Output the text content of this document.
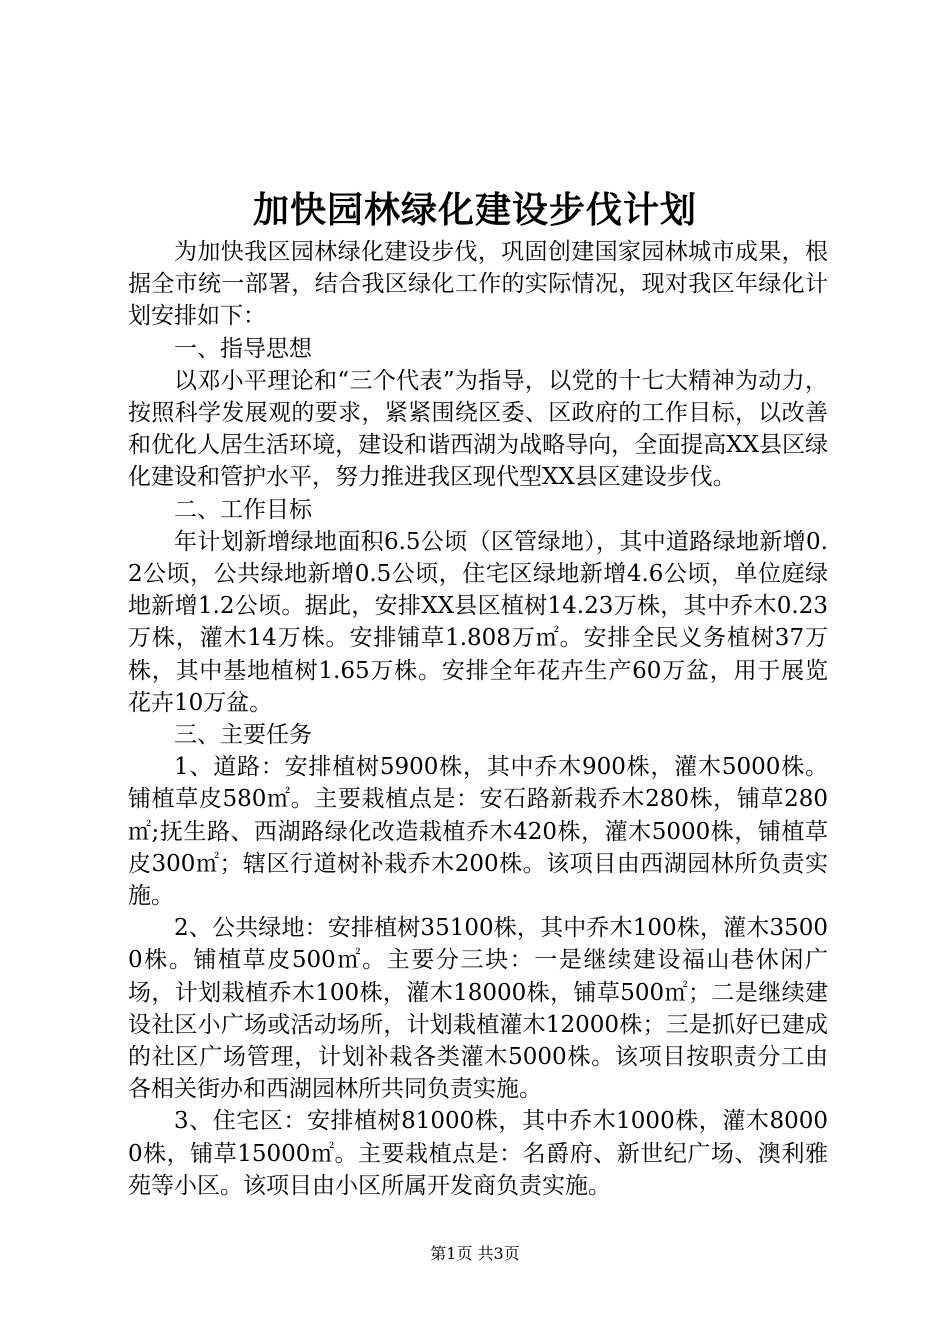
加快园林绿化建设步伐计划

为加快我区园林绿化建设步伐，巩固创建国家园林城市成果，根据全市统一部署，结合我区绿化工作的实际情况，现对我区年绿化计划安排如下：

一、指导思想

以邓小平理论和“三个代表”为指导，以党的十七大精神为动力，按照科学发展观的要求，紧紧围绕区委、区政府的工作目标，以改善和优化人居生活环境，建设和谐西湖为战略导向，全面提高XX县区绿化建设和管护水平，努力推进我区现代型XX县区建设步伐。

二、工作目标

年计划新增绿地面积6.5公顷（区管绿地），其中道路绿地新增0.2公顷，公共绿地新增0.5公顷，住宅区绿地新增4.6公顷，单位庭绿地新增1.2公顷。据此，安排XX县区植树14.23万株，其中乔木0.23万株，灌木14万株。安排铺草1.808万㎡。安排全民义务植树37万株，其中基地植树1.65万株。安排全年花卉生产60万盆，用于展览花卉10万盆。

三、主要任务

1、道路：安排植树5900株，其中乔木900株，灌木5000株。铺植草皮580㎡。主要栽植点是：安石路新栽乔木280株，铺草280㎡;抚生路、西湖路绿化改造栽植乔木420株，灌木5000株，铺植草皮300㎡；辖区行道树补栽乔木200株。该项目由西湖园林所负责实施。

2、公共绿地：安排植树35100株，其中乔木100株，灌木35000株。铺植草皮500㎡。主要分三块：一是继续建设福山巷休闲广场，计划栽植乔木100株，灌木18000株，铺草500㎡；二是继续建设社区小广场或活动场所，计划栽植灌木12000株；三是抓好已建成的社区广场管理，计划补栽各类灌木5000株。该项目按职责分工由各相关街办和西湖园林所共同负责实施。

3、住宅区：安排植树81000株，其中乔木1000株，灌木80000株，铺草15000㎡。主要栽植点是：名爵府、新世纪广场、澳利雅苑等小区。该项目由小区所属开发商负责实施。

第1页 共3页
